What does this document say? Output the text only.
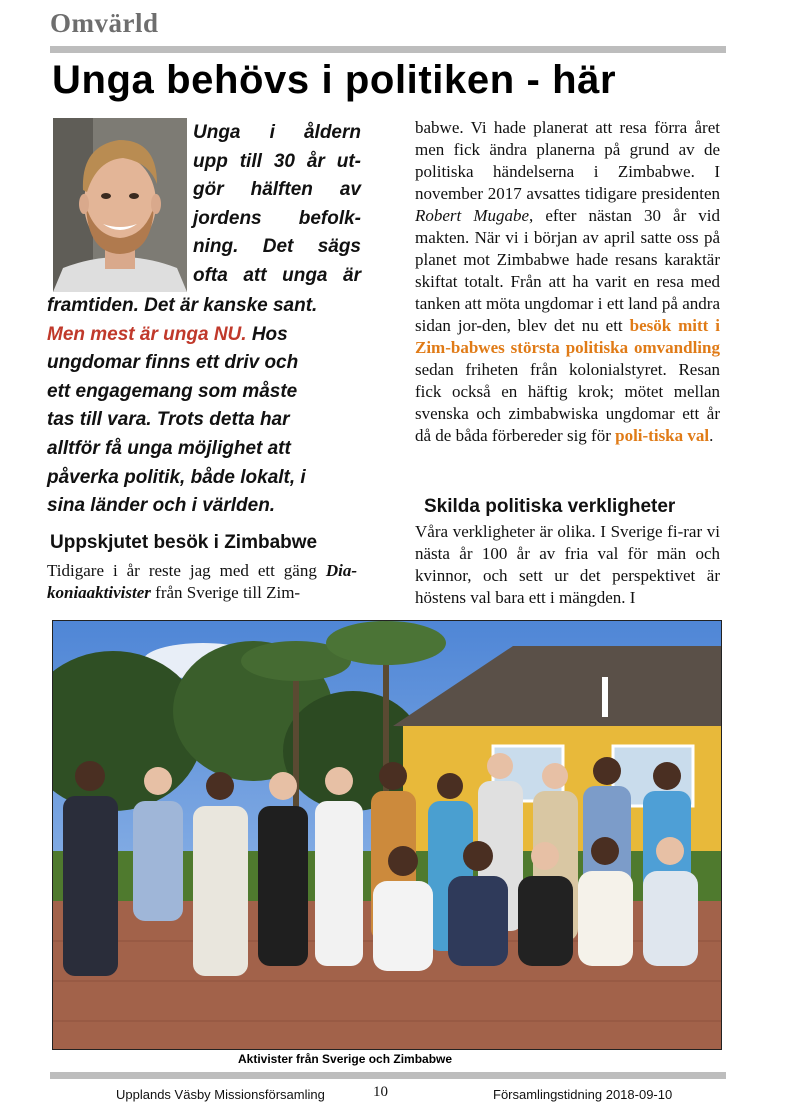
Omvärld
Unga behövs i politiken - här
Unga i åldern
upp till 30 år ut-
gör hälften av
jordens befolk-
ning. Det sägs
ofta att unga är
framtiden. Det är kanske sant.
Men mest är unga NU. Hos
ungdomar finns ett driv och
ett engagemang som måste
tas till vara. Trots detta har
alltför få unga möjlighet att
påverka politik, både lokalt, i
sina länder och i världen.
Uppskjutet besök i Zimbabwe

Tidigare i år reste jag med ett gäng Dia-koniaaktivister från Sverige till Zim-

babwe. Vi hade planerat att resa förra året men fick ändra planerna på grund av de politiska händelserna i Zimbabwe. I november 2017 avsattes tidigare presidenten Robert Mugabe, efter nästan 30 år vid makten. När vi i början av april satte oss på planet mot Zimbabwe hade resans karaktär skiftat totalt. Från att ha varit en resa med tanken att möta ungdomar i ett land på andra sidan jor-den, blev det nu ett besök mitt i Zim-babwes största politiska omvandling sedan friheten från kolonialstyret. Resan fick också en häftig krok; mötet mellan svenska och zimbabwiska ungdomar ett år då de båda förbereder sig för poli-tiska val.

Skilda politiska verkligheter

Våra verkligheter är olika. I Sverige fi-rar vi nästa år 100 år av fria val för män och kvinnor, och sett ur det perspektivet är höstens val bara ett i mängden. I

Aktivister från Sverige och Zimbabwe
Upplands Väsby Missionsförsamling	10	Församlingstidning 2018-09-10
